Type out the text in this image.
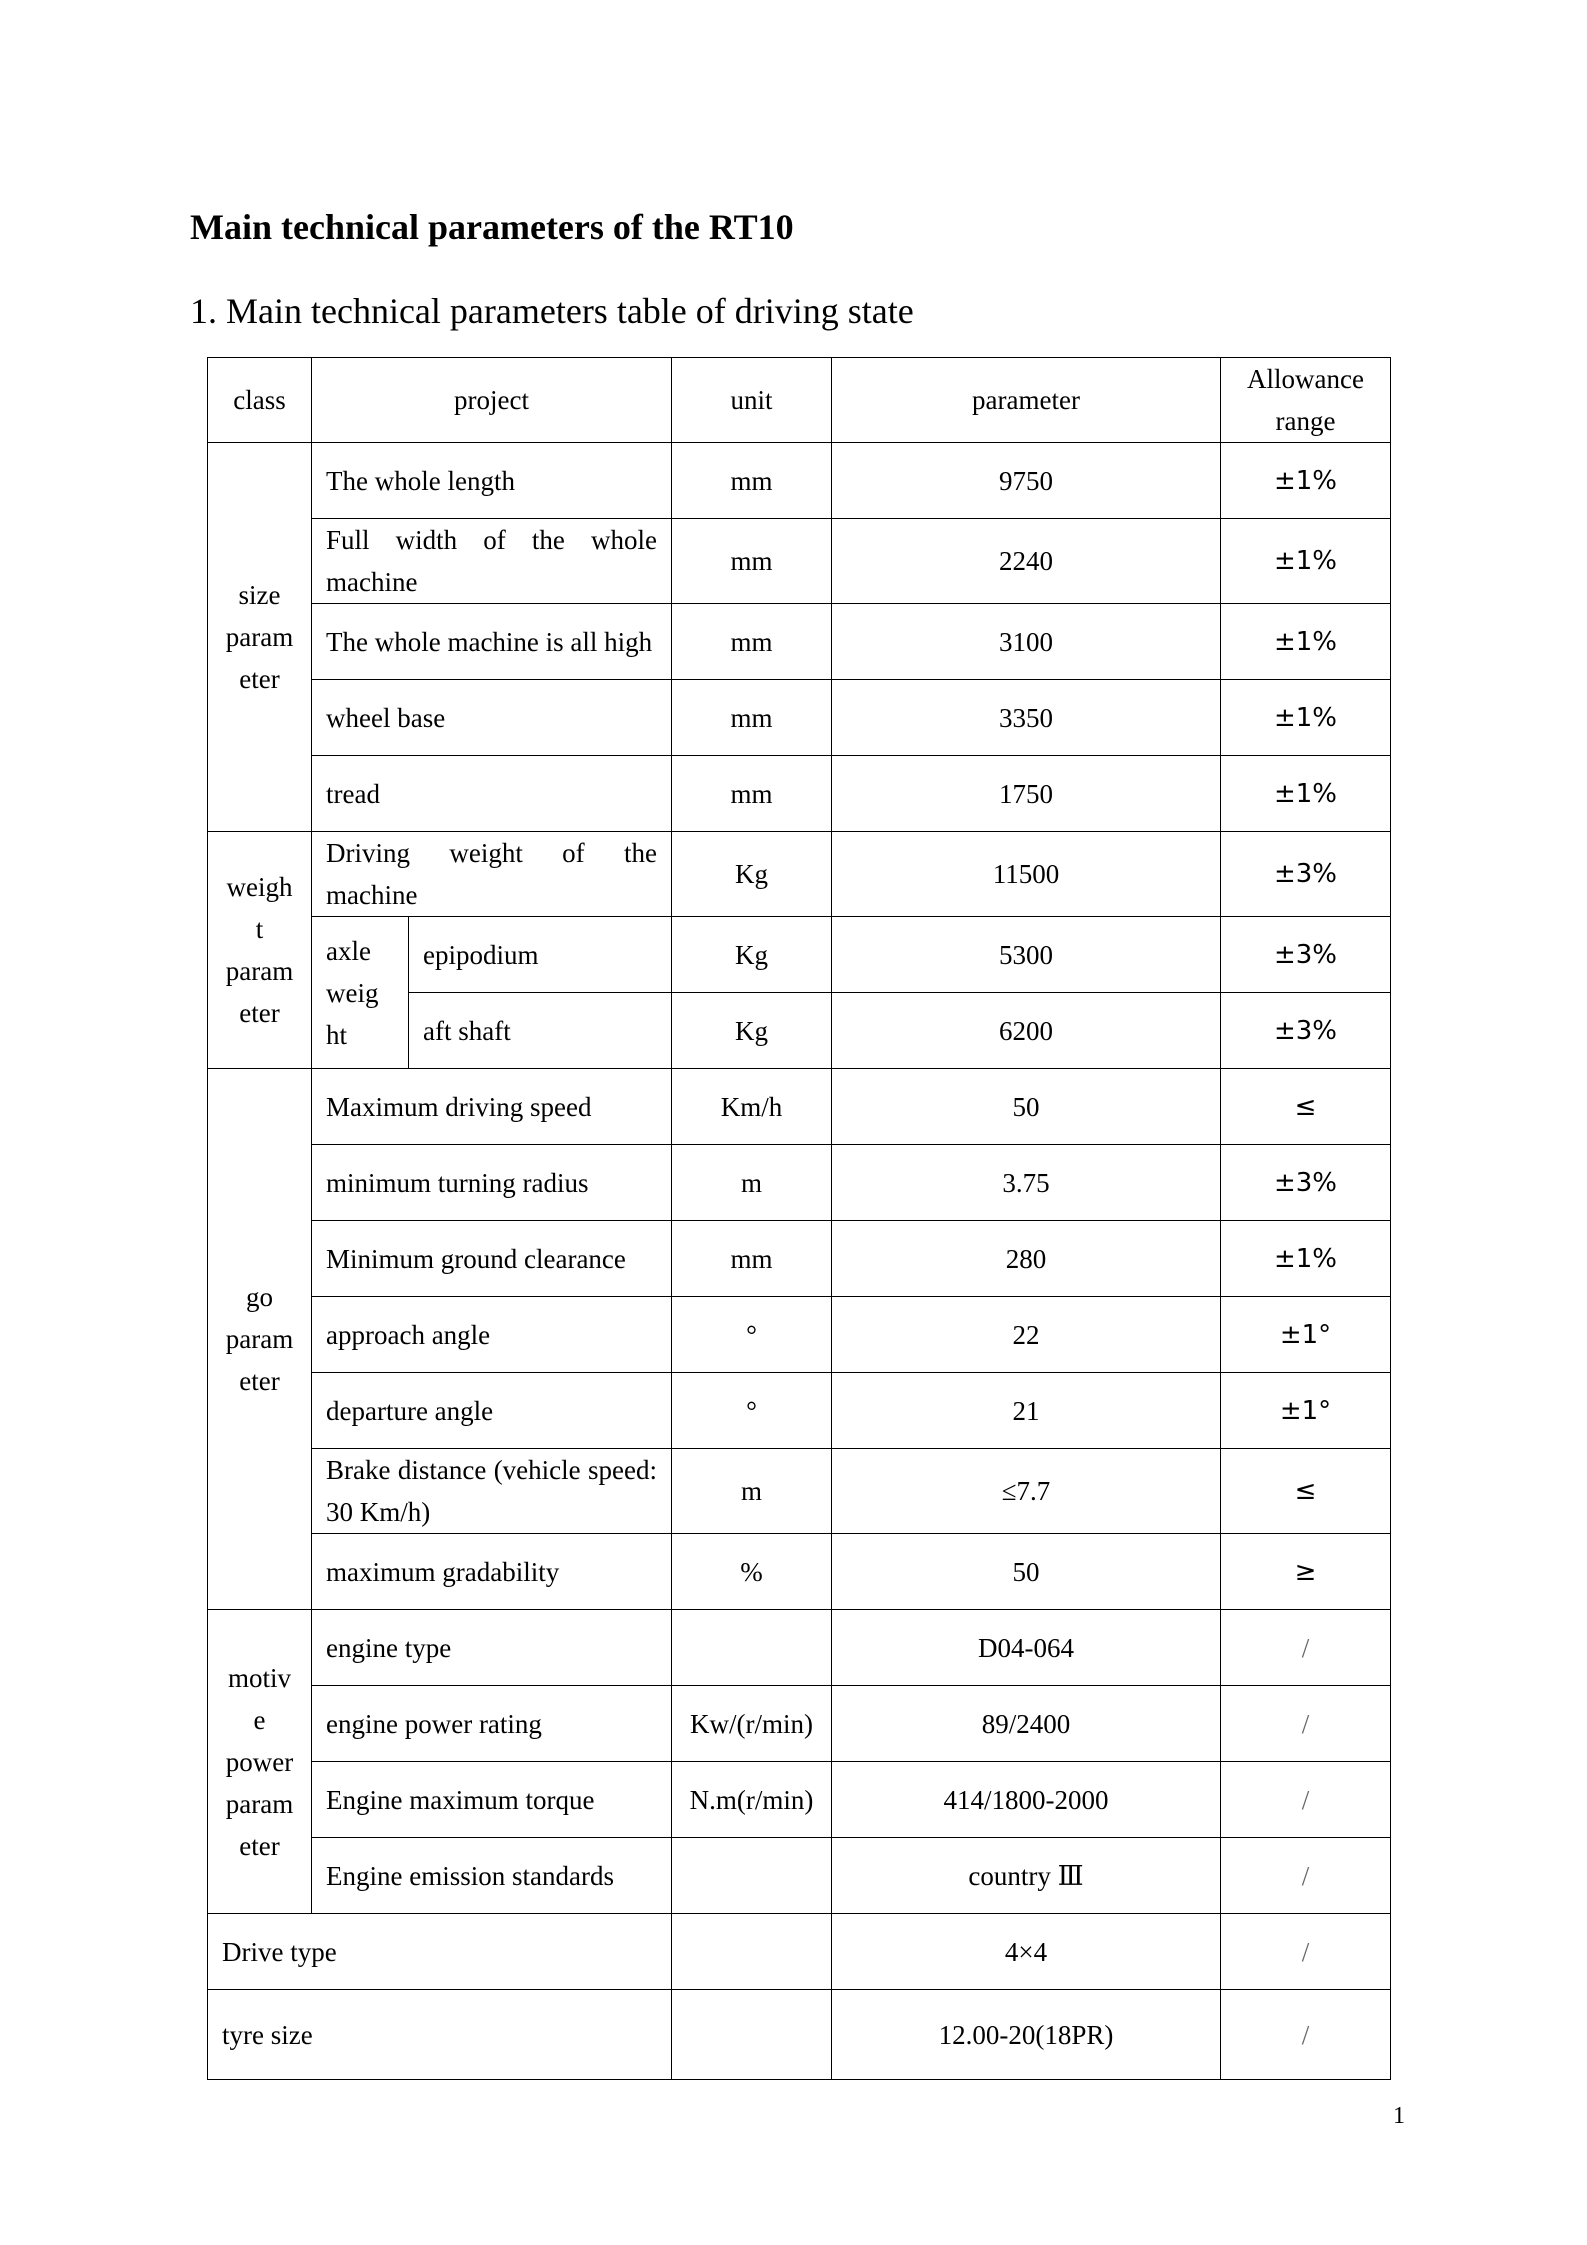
Main technical parameters of the RT10
1. Main technical parameters table of driving state
class	project		unit	parameter	Allowance range
size param eter	The whole length		mm	9750	±1%
	Full width of the whole machine		mm	2240	±1%
	The whole machine is all high		mm	3100	±1%
	wheel base		mm	3350	±1%
	tread		mm	1750	±1%
weigh t param eter	Driving weight of the machine		Kg	11500	±3%
	axle weig ht	epipodium	Kg	5300	±3%
		aft shaft	Kg	6200	±3%
go param eter	Maximum driving speed		Km/h	50	≤
	minimum turning radius		m	3.75	±3%
	Minimum ground clearance		mm	280	±1%
	approach angle		°	22	±1°
	departure angle		°	21	±1°
	Brake distance (vehicle speed: 30 Km/h)		m	≤7.7	≤
	maximum gradability		%	50	≥
motiv e power param eter	engine type			D04-064	/
	engine power rating		Kw/(r/min)	89/2400	/
	Engine maximum torque		N.m(r/min)	414/1800-2000	/
	Engine emission standards			country Ⅲ	/
Drive type				4×4	/
tyre size				12.00-20(18PR)	/
1
